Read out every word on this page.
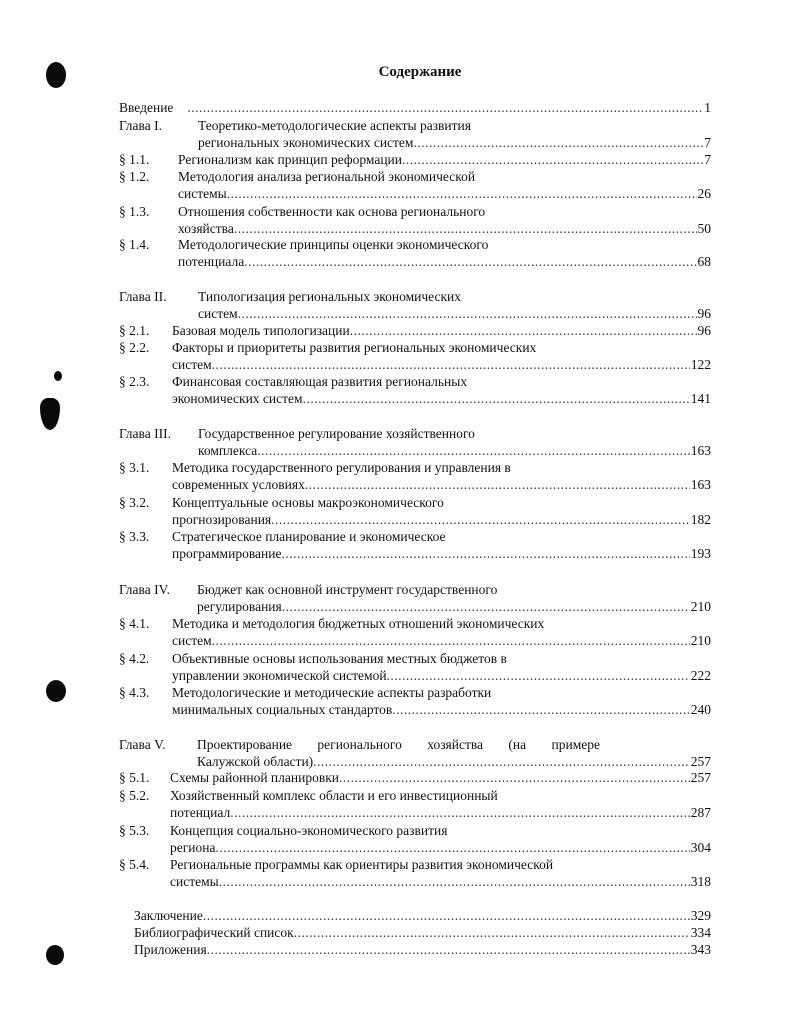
Содержание
Введение .....	1
Глава I.	Теоретико-методологические аспекты развития
региональных экономических систем .....	7
§ 1.1. Регионализм как принцип реформации .....	7
§ 1.2. Методология анализа региональной экономической
системы .....	26
§ 1.3. Отношения собственности как основа регионального
хозяйства .....	50
§ 1.4. Методологические принципы оценки экономического
потенциала .....	68
Глава II. Типологизация региональных экономических
систем .....	96
§ 2.1. Базовая модель типологизации .....	96
§ 2.2. Факторы и приоритеты развития региональных экономических
систем .....	122
§ 2.3. Финансовая составляющая развития региональных
экономических систем .....	141
Глава III. Государственное регулирование хозяйственного
комплекса .....	163
§ 3.1. Методика государственного регулирования и управления в
современных условиях .....	163
§ 3.2. Концептуальные основы макроэкономического
прогнозирования .....	182
§ 3.3. Стратегическое планирование и экономическое
программирование .....	193
Глава IV. Бюджет как основной инструмент государственного
регулирования .....	210
§ 4.1. Методика и методология бюджетных отношений экономических
систем .....	210
§ 4.2. Объективные основы использования местных бюджетов в
управлении экономической системой .....	222
§ 4.3. Методологические и методические аспекты разработки
минимальных социальных стандартов .....	240
Глава V. Проектирование регионального хозяйства (на примере
Калужской области) .....	257
§ 5.1. Схемы районной планировки .....	257
§ 5.2. Хозяйственный комплекс области и его инвестиционный
потенциал .....	287
§ 5.3. Концепция социально-экономического развития
региона .....	304
§ 5.4. Региональные программы как ориентиры развития экономической
системы .....	318
Заключение .....	329
Библиографический список .....	334
Приложения .....	343
